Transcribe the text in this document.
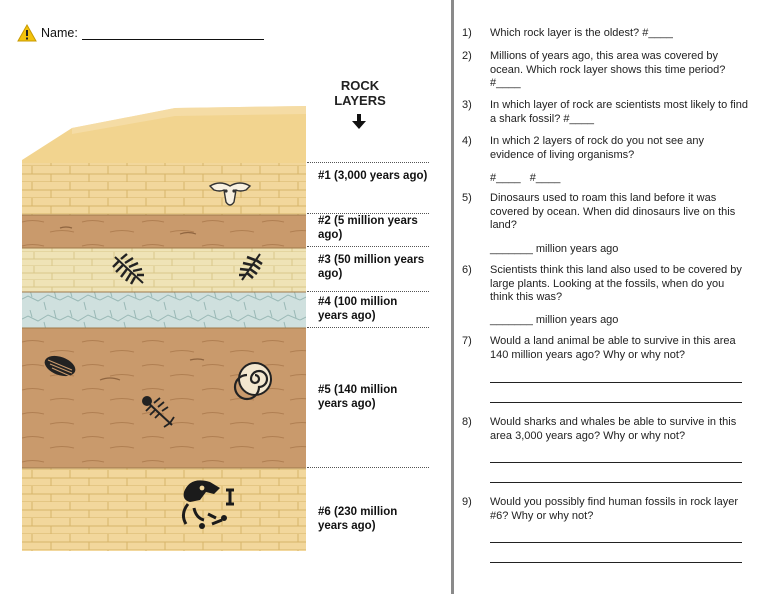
Name:
ROCK LAYERS
#1 (3,000 years ago)
#2 (5 million years ago)
#3 (50 million years ago)
#4 (100 million years ago)
#5 (140 million years ago)
#6 (230 million years ago)
1)	Which rock layer is the oldest? #____
2)	Millions of years ago, this area was covered by ocean. Which rock layer shows this time period? #____
3)	In which layer of rock are scientists most likely to find a shark fossil? #____
4)	In which 2 layers of rock do you not see any evidence of living organisms?
#____   #____
5)	Dinosaurs used to roam this land before it was covered by ocean. When did dinosaurs live on this land?
_______ million years ago
6)	Scientists think this land also used to be covered by large plants. Looking at the fossils, when do you think this was?
_______ million years ago
7)	Would a land animal be able to survive in this area 140 million years ago? Why or why not?
8)	Would sharks and whales be able to survive in this area 3,000 years ago? Why or why not?
9)	Would you possibly find human fossils in rock layer #6? Why or why not?
